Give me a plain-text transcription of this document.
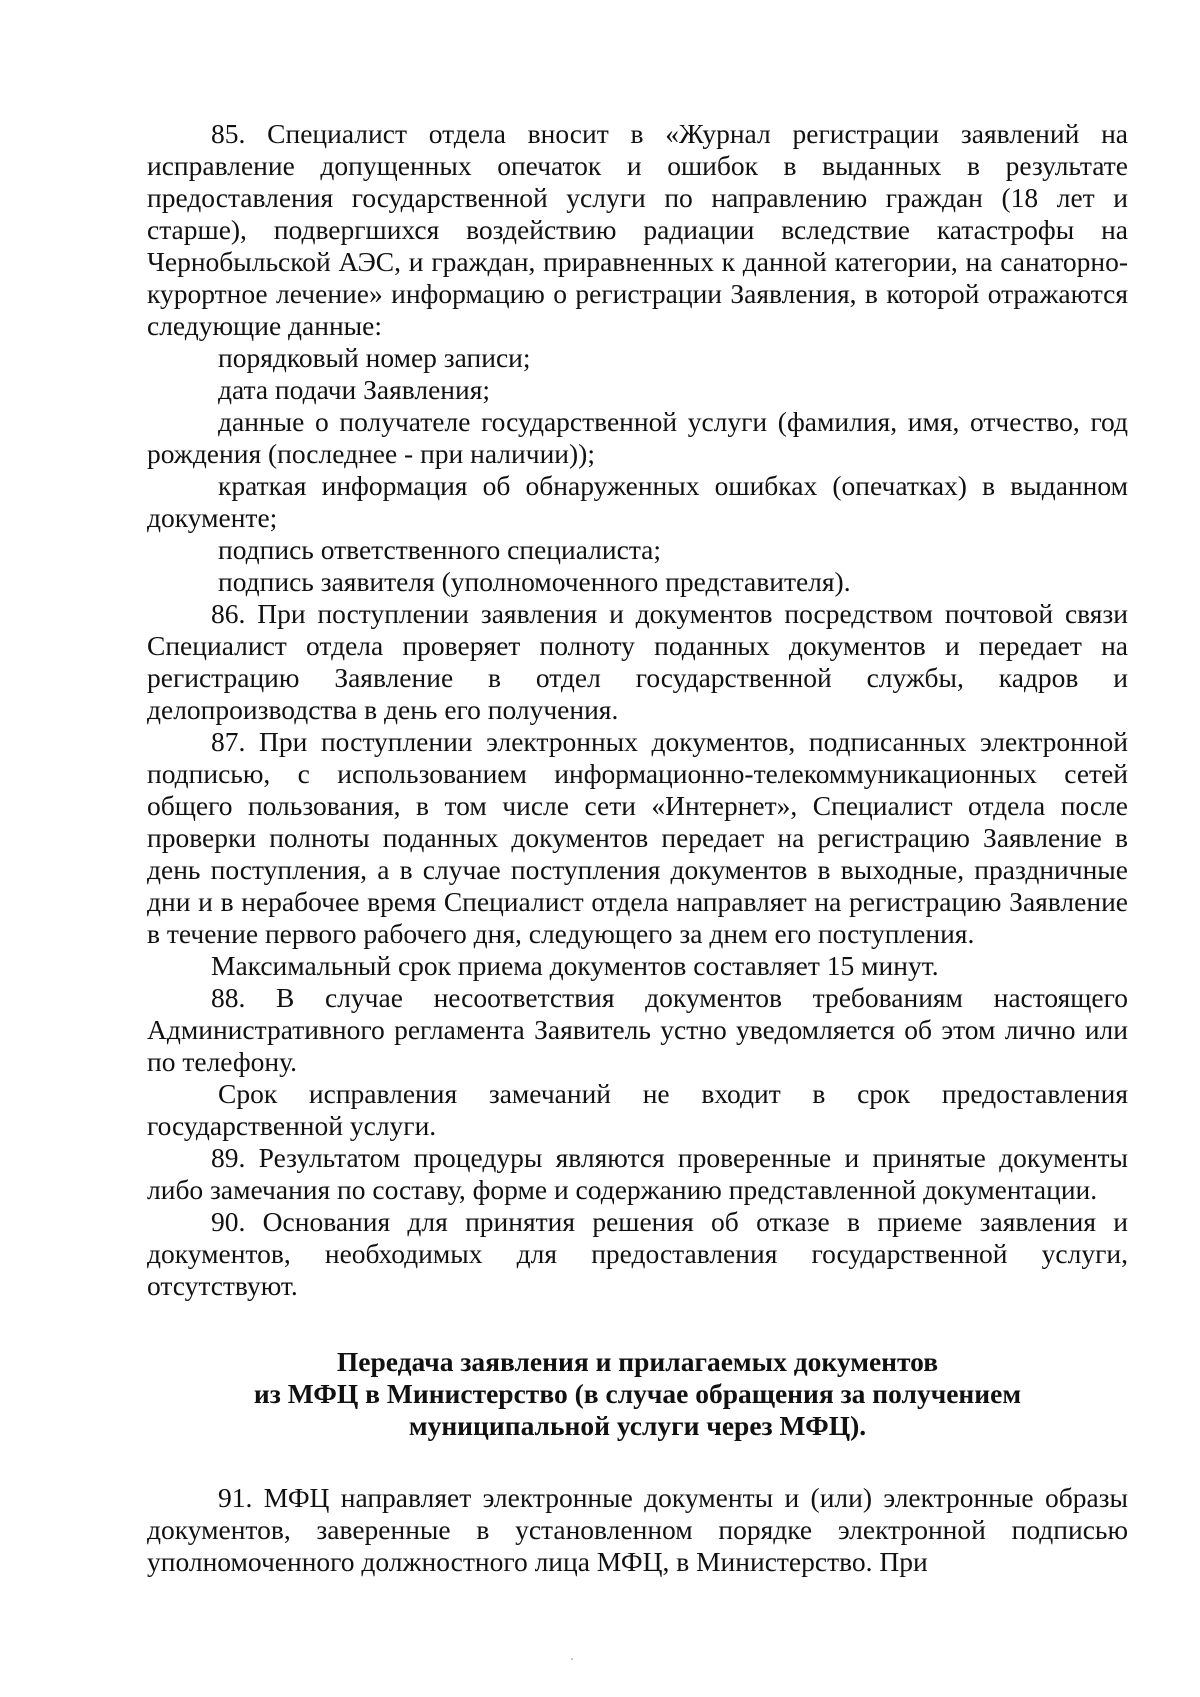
85. Специалист отдела вносит в «Журнал регистрации заявлений на исправление допущенных опечаток и ошибок в выданных в результате предоставления государственной услуги по направлению граждан (18 лет и старше), подвергшихся воздействию радиации вследствие катастрофы на Чернобыльской АЭС, и граждан, приравненных к данной категории, на санаторно-курортное лечение» информацию о регистрации Заявления, в которой отражаются следующие данные:

порядковый номер записи;

дата подачи Заявления;

данные о получателе государственной услуги (фамилия, имя, отчество, год рождения (последнее - при наличии));

краткая информация об обнаруженных ошибках (опечатках) в выданном документе;

подпись ответственного специалиста;

подпись заявителя (уполномоченного представителя).

86. При поступлении заявления и документов посредством почтовой связи Специалист отдела проверяет полноту поданных документов и передает на регистрацию Заявление в отдел государственной службы, кадров и делопроизводства в день его получения.

87. При поступлении электронных документов, подписанных электронной подписью, с использованием информационно-телекоммуникационных сетей общего пользования, в том числе сети «Интернет», Специалист отдела после проверки полноты поданных документов передает на регистрацию Заявление в день поступления, а в случае поступления документов в выходные, праздничные дни и в нерабочее время Специалист отдела направляет на регистрацию Заявление в течение первого рабочего дня, следующего за днем его поступления.

Максимальный срок приема документов составляет 15 минут.

88. В случае несоответствия документов требованиям настоящего Административного регламента Заявитель устно уведомляется об этом лично или по телефону.

Срок исправления замечаний не входит в срок предоставления государственной услуги.

89. Результатом процедуры являются проверенные и принятые документы либо замечания по составу, форме и содержанию представленной документации.

90. Основания для принятия решения об отказе в приеме заявления и документов, необходимых для предоставления государственной услуги, отсутствуют.

Передача заявления и прилагаемых документов
из МФЦ в Министерство (в случае обращения за получением
муниципальной услуги через МФЦ).

91. МФЦ направляет электронные документы и (или) электронные образы документов, заверенные в установленном порядке электронной подписью уполномоченного должностного лица МФЦ, в Министерство. При
